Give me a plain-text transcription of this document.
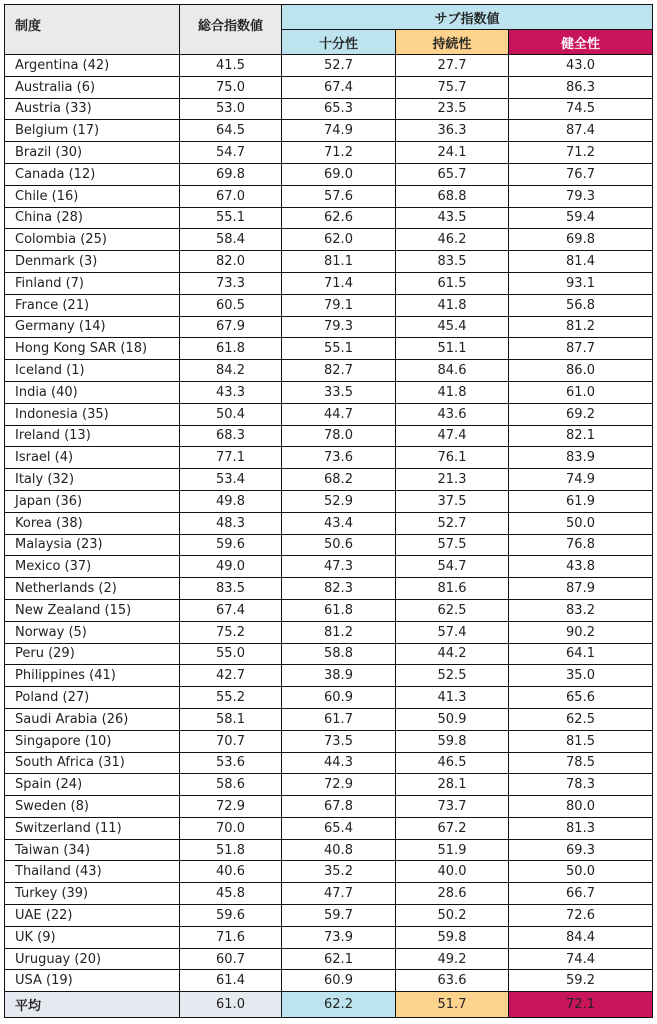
制度	総合指数値	サブ指数値		
		十分性	持続性	健全性
Argentina (42)	41.5	52.7	27.7	43.0
Australia (6)	75.0	67.4	75.7	86.3
Austria (33)	53.0	65.3	23.5	74.5
Belgium (17)	64.5	74.9	36.3	87.4
Brazil (30)	54.7	71.2	24.1	71.2
Canada (12)	69.8	69.0	65.7	76.7
Chile (16)	67.0	57.6	68.8	79.3
China (28)	55.1	62.6	43.5	59.4
Colombia (25)	58.4	62.0	46.2	69.8
Denmark (3)	82.0	81.1	83.5	81.4
Finland (7)	73.3	71.4	61.5	93.1
France (21)	60.5	79.1	41.8	56.8
Germany (14)	67.9	79.3	45.4	81.2
Hong Kong SAR (18)	61.8	55.1	51.1	87.7
Iceland (1)	84.2	82.7	84.6	86.0
India (40)	43.3	33.5	41.8	61.0
Indonesia (35)	50.4	44.7	43.6	69.2
Ireland (13)	68.3	78.0	47.4	82.1
Israel (4)	77.1	73.6	76.1	83.9
Italy (32)	53.4	68.2	21.3	74.9
Japan (36)	49.8	52.9	37.5	61.9
Korea (38)	48.3	43.4	52.7	50.0
Malaysia (23)	59.6	50.6	57.5	76.8
Mexico (37)	49.0	47.3	54.7	43.8
Netherlands (2)	83.5	82.3	81.6	87.9
New Zealand (15)	67.4	61.8	62.5	83.2
Norway (5)	75.2	81.2	57.4	90.2
Peru (29)	55.0	58.8	44.2	64.1
Philippines (41)	42.7	38.9	52.5	35.0
Poland (27)	55.2	60.9	41.3	65.6
Saudi Arabia (26)	58.1	61.7	50.9	62.5
Singapore (10)	70.7	73.5	59.8	81.5
South Africa (31)	53.6	44.3	46.5	78.5
Spain (24)	58.6	72.9	28.1	78.3
Sweden (8)	72.9	67.8	73.7	80.0
Switzerland (11)	70.0	65.4	67.2	81.3
Taiwan (34)	51.8	40.8	51.9	69.3
Thailand (43)	40.6	35.2	40.0	50.0
Turkey (39)	45.8	47.7	28.6	66.7
UAE (22)	59.6	59.7	50.2	72.6
UK (9)	71.6	73.9	59.8	84.4
Uruguay (20)	60.7	62.1	49.2	74.4
USA (19)	61.4	60.9	63.6	59.2
平均	61.0	62.2	51.7	72.1
